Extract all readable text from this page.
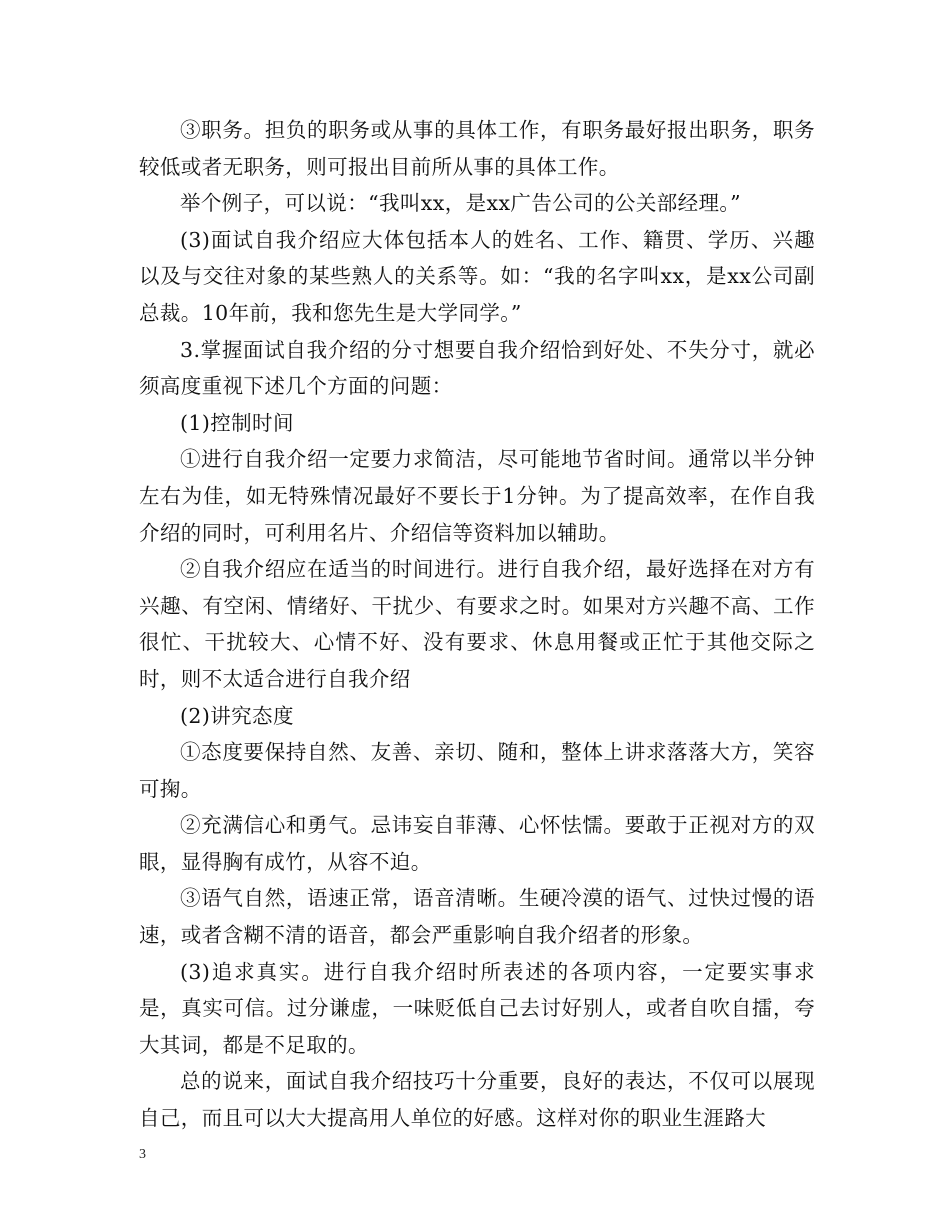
③职务。担负的职务或从事的具体工作，有职务最好报出职务，职务较低或者无职务，则可报出目前所从事的具体工作。

举个例子，可以说：“我叫xx，是xx广告公司的公关部经理。”

(3)面试自我介绍应大体包括本人的姓名、工作、籍贯、学历、兴趣以及与交往对象的某些熟人的关系等。如：“我的名字叫xx，是xx公司副总裁。10年前，我和您先生是大学同学。”

3.掌握面试自我介绍的分寸想要自我介绍恰到好处、不失分寸，就必须高度重视下述几个方面的问题：

(1)控制时间

①进行自我介绍一定要力求简洁，尽可能地节省时间。通常以半分钟左右为佳，如无特殊情况最好不要长于1分钟。为了提高效率，在作自我介绍的同时，可利用名片、介绍信等资料加以辅助。

②自我介绍应在适当的时间进行。进行自我介绍，最好选择在对方有兴趣、有空闲、情绪好、干扰少、有要求之时。如果对方兴趣不高、工作很忙、干扰较大、心情不好、没有要求、休息用餐或正忙于其他交际之时，则不太适合进行自我介绍

(2)讲究态度

①态度要保持自然、友善、亲切、随和，整体上讲求落落大方，笑容可掬。

②充满信心和勇气。忌讳妄自菲薄、心怀怯懦。要敢于正视对方的双眼，显得胸有成竹，从容不迫。

③语气自然，语速正常，语音清晰。生硬冷漠的语气、过快过慢的语速，或者含糊不清的语音，都会严重影响自我介绍者的形象。

(3)追求真实。进行自我介绍时所表述的各项内容，一定要实事求是，真实可信。过分谦虚，一味贬低自己去讨好别人，或者自吹自擂，夸大其词，都是不足取的。

总的说来，面试自我介绍技巧十分重要，良好的表达，不仅可以展现自己，而且可以大大提高用人单位的好感。这样对你的职业生涯路大

3
